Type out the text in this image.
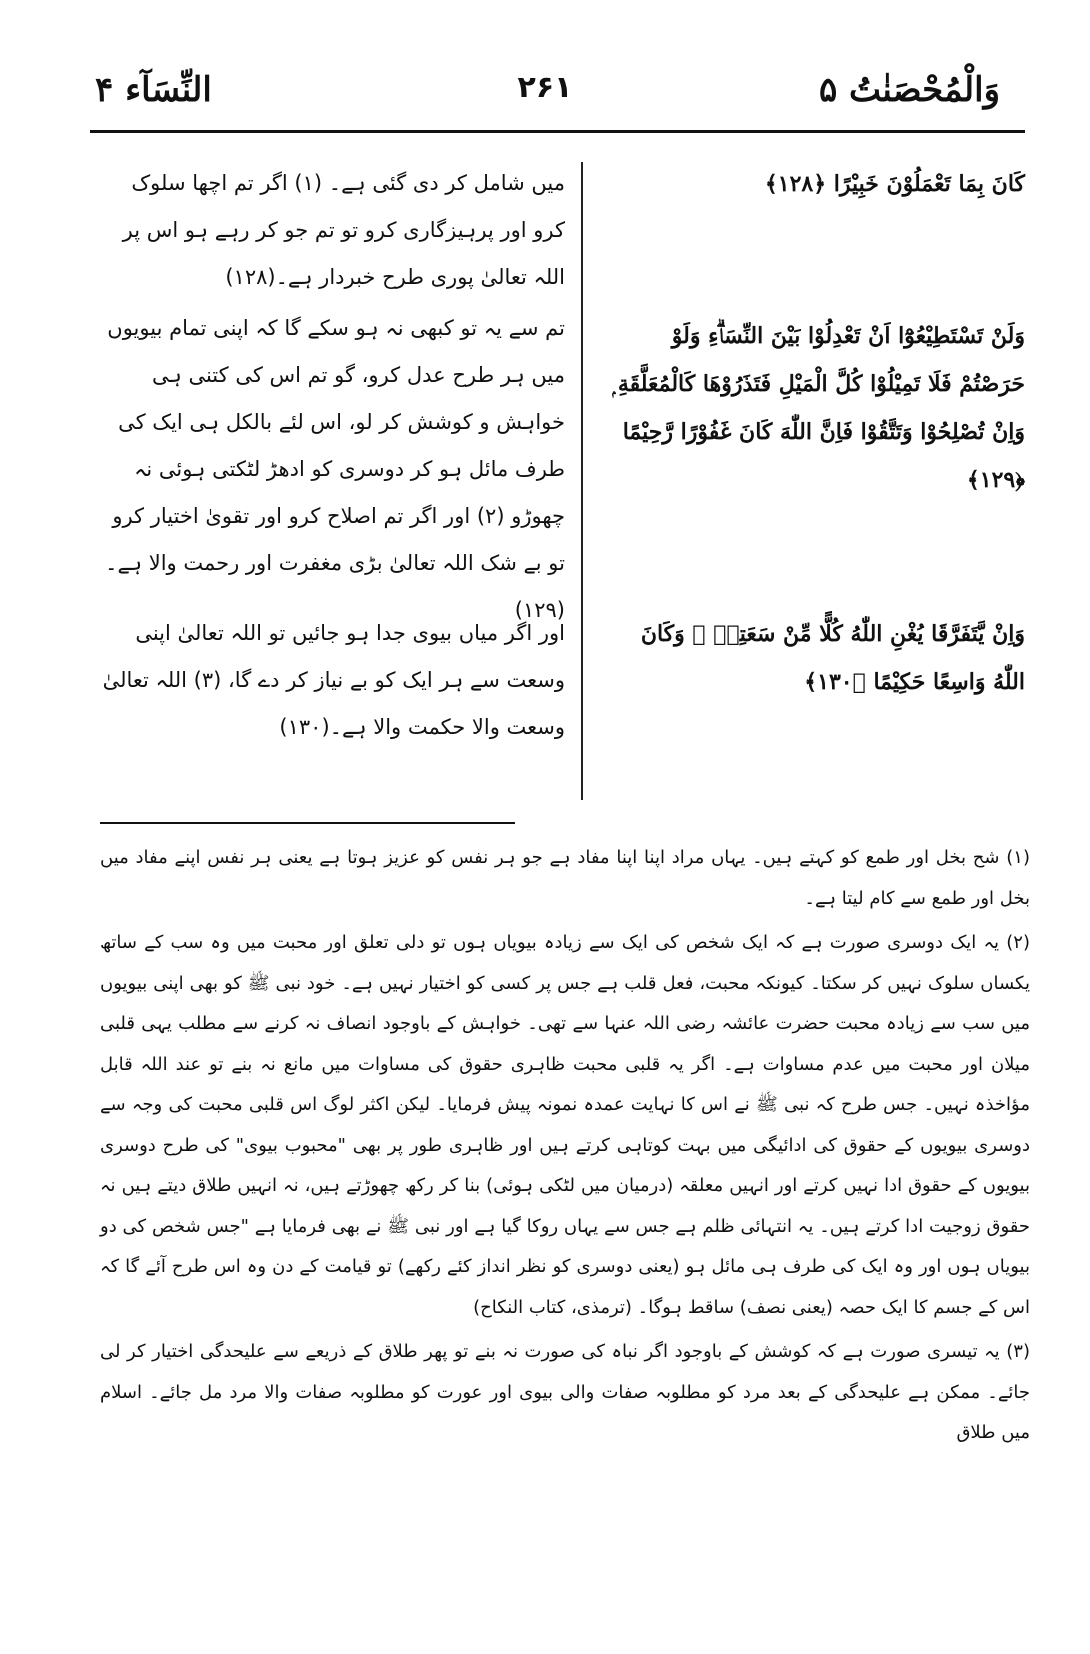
وَالْمُحْصَنٰتُ ۵
۲۶۱
النِّسَآء ۴
كَانَ بِمَا تَعْمَلُوْنَ خَبِيْرًا ﴿۱۲۸﴾
وَلَنْ تَسْتَطِيْعُوْٓا اَنْ تَعْدِلُوْا بَيْنَ النِّسَاۗءِ وَلَوْ حَرَصْتُمْ فَلَا تَمِيْلُوْا كُلَّ الْمَيْلِ فَتَذَرُوْھَا كَالْمُعَلَّقَةِ ۭ وَاِنْ تُصْلِحُوْا وَتَتَّقُوْا فَاِنَّ اللّٰهَ كَانَ غَفُوْرًا رَّحِيْمًا ﴿۱۲۹﴾
وَاِنْ يَّتَفَرَّقَا يُغْنِ اللّٰهُ كُلًّا مِّنْ سَعَتِهٖ ۭ وَكَانَ اللّٰهُ وَاسِعًا حَكِيْمًا ﴿۱۳۰﴾

میں شامل کر دی گئی ہے۔ (۱) اگر تم اچھا سلوک کرو اور پرہیزگاری کرو تو تم جو کر رہے ہو اس پر اللہ تعالیٰ پوری طرح خبردار ہے۔(۱۲۸)

تم سے یہ تو کبھی نہ ہو سکے گا کہ اپنی تمام بیویوں میں ہر طرح عدل کرو، گو تم اس کی کتنی ہی خواہش و کوشش کر لو، اس لئے بالکل ہی ایک کی طرف مائل ہو کر دوسری کو ادھڑ لٹکتی ہوئی نہ چھوڑو (۲) اور اگر تم اصلاح کرو اور تقویٰ اختیار کرو تو بے شک اللہ تعالیٰ بڑی مغفرت اور رحمت والا ہے۔(۱۲۹)

اور اگر میاں بیوی جدا ہو جائیں تو اللہ تعالیٰ اپنی وسعت سے ہر ایک کو بے نیاز کر دے گا، (۳) اللہ تعالیٰ وسعت والا حکمت والا ہے۔(۱۳۰)

(۱) شح بخل اور طمع کو کہتے ہیں۔ یہاں مراد اپنا اپنا مفاد ہے جو ہر نفس کو عزیز ہوتا ہے یعنی ہر نفس اپنے مفاد میں بخل اور طمع سے کام لیتا ہے۔

(۲) یہ ایک دوسری صورت ہے کہ ایک شخص کی ایک سے زیادہ بیویاں ہوں تو دلی تعلق اور محبت میں وہ سب کے ساتھ یکساں سلوک نہیں کر سکتا۔ کیونکہ محبت، فعل قلب ہے جس پر کسی کو اختیار نہیں ہے۔ خود نبی ﷺ کو بھی اپنی بیویوں میں سب سے زیادہ محبت حضرت عائشہ رضی اللہ عنہا سے تھی۔ خواہش کے باوجود انصاف نہ کرنے سے مطلب یہی قلبی میلان اور محبت میں عدم مساوات ہے۔ اگر یہ قلبی محبت ظاہری حقوق کی مساوات میں مانع نہ بنے تو عند اللہ قابل مؤاخذہ نہیں۔ جس طرح کہ نبی ﷺ نے اس کا نہایت عمدہ نمونہ پیش فرمایا۔ لیکن اکثر لوگ اس قلبی محبت کی وجہ سے دوسری بیویوں کے حقوق کی ادائیگی میں بہت کوتاہی کرتے ہیں اور ظاہری طور پر بھی "محبوب بیوی" کی طرح دوسری بیویوں کے حقوق ادا نہیں کرتے اور انہیں معلقہ (درمیان میں لٹکی ہوئی) بنا کر رکھ چھوڑتے ہیں، نہ انہیں طلاق دیتے ہیں نہ حقوق زوجیت ادا کرتے ہیں۔ یہ انتہائی ظلم ہے جس سے یہاں روکا گیا ہے اور نبی ﷺ نے بھی فرمایا ہے "جس شخص کی دو بیویاں ہوں اور وہ ایک کی طرف ہی مائل ہو (یعنی دوسری کو نظر انداز کئے رکھے) تو قیامت کے دن وہ اس طرح آئے گا کہ اس کے جسم کا ایک حصہ (یعنی نصف) ساقط ہوگا۔ (ترمذی، کتاب النکاح)

(۳) یہ تیسری صورت ہے کہ کوشش کے باوجود اگر نباہ کی صورت نہ بنے تو پھر طلاق کے ذریعے سے علیحدگی اختیار کر لی جائے۔ ممکن ہے علیحدگی کے بعد مرد کو مطلوبہ صفات والی بیوی اور عورت کو مطلوبہ صفات والا مرد مل جائے۔ اسلام میں طلاق
